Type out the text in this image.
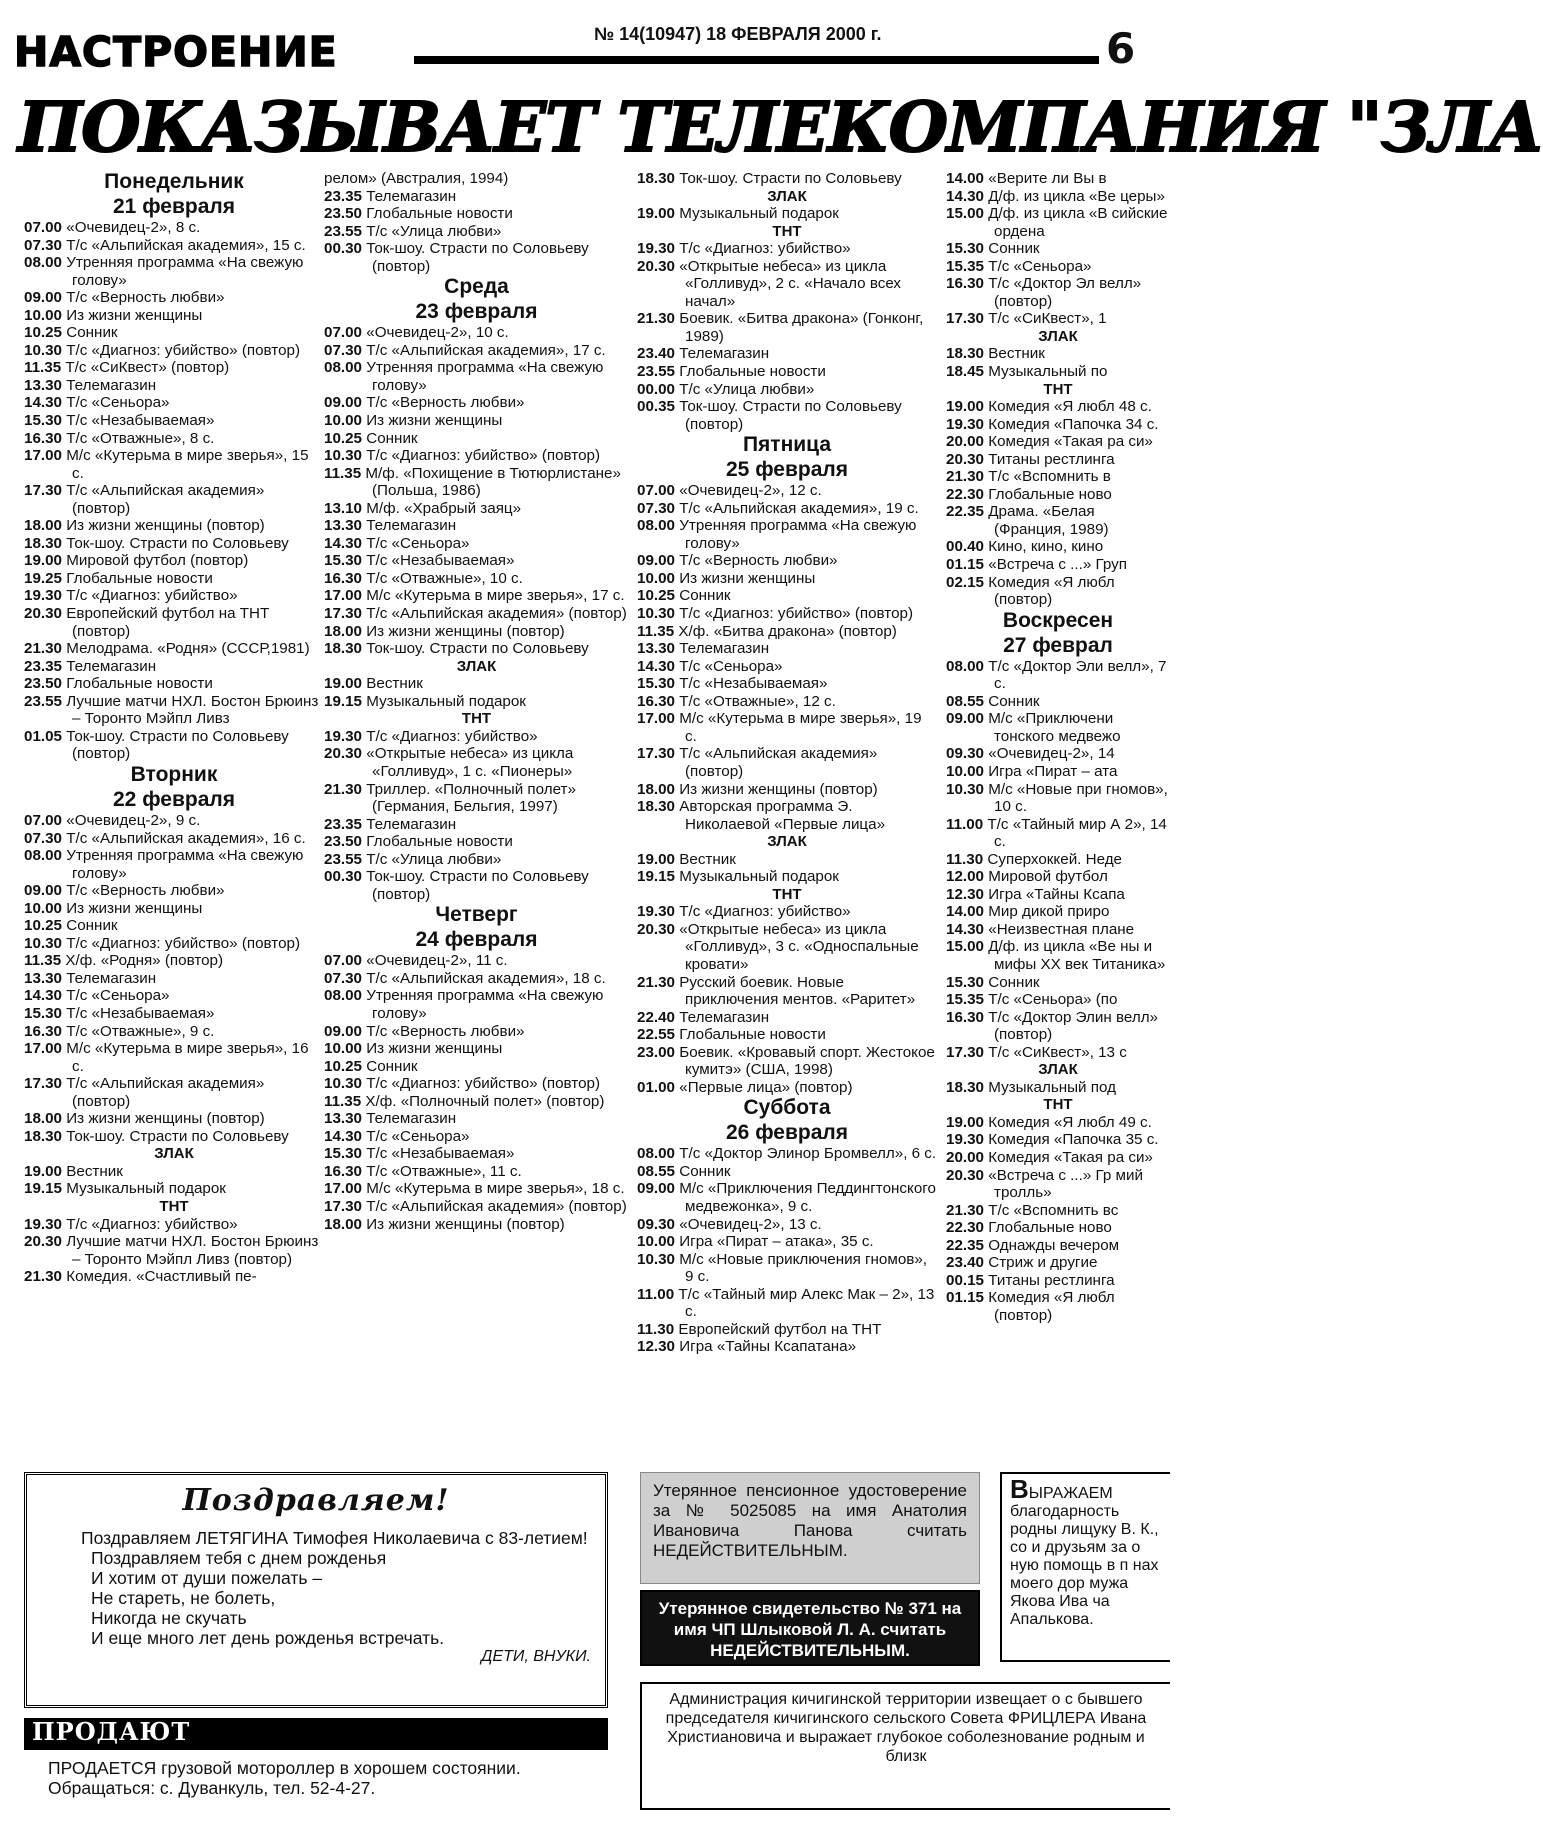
НАСТРОЕНИЕ	№ 14(10947) 18 ФЕВРАЛЯ 2000 г.	6
ПОКАЗЫВАЕТ ТЕЛЕКОМПАНИЯ "ЗЛА
Понедельник
21 февраля
07.00 «Очевидец-2», 8 с.
07.30 Т/с «Альпийская академия», 15 с.
08.00 Утренняя программа «На свежую голову»
09.00 Т/с «Верность любви»
10.00 Из жизни женщины
10.25 Сонник
10.30 Т/с «Диагноз: убийство» (повтор)
11.35 Т/с «СиКвест» (повтор)
13.30 Телемагазин
14.30 Т/с «Сеньора»
15.30 Т/с «Незабываемая»
16.30 Т/с «Отважные», 8 с.
17.00 М/с «Кутерьма в мире зверья», 15 с.
17.30 Т/с «Альпийская академия» (повтор)
18.00 Из жизни женщины (повтор)
18.30 Ток-шоу. Страсти по Соловьеву
19.00 Мировой футбол (повтор)
19.25 Глобальные новости
19.30 Т/с «Диагноз: убийство»
20.30 Европейский футбол на ТНТ (повтор)
21.30 Мелодрама. «Родня» (СССР,1981)
23.35 Телемагазин
23.50 Глобальные новости
23.55 Лучшие матчи НХЛ. Бостон Брюинз – Торонто Мэйпл Ливз
01.05 Ток-шоу. Страсти по Соловьеву (повтор)
Вторник
22 февраля
07.00 «Очевидец-2», 9 с.
07.30 Т/с «Альпийская академия», 16 с.
08.00 Утренняя программа «На свежую голову»
09.00 Т/с «Верность любви»
10.00 Из жизни женщины
10.25 Сонник
10.30 Т/с «Диагноз: убийство» (повтор)
11.35 Х/ф. «Родня» (повтор)
13.30 Телемагазин
14.30 Т/с «Сеньора»
15.30 Т/с «Незабываемая»
16.30 Т/с «Отважные», 9 с.
17.00 М/с «Кутерьма в мире зверья», 16 с.
17.30 Т/с «Альпийская академия» (повтор)
18.00 Из жизни женщины (повтор)
18.30 Ток-шоу. Страсти по Соловьеву
ЗЛАК
19.00 Вестник
19.15 Музыкальный подарок
ТНТ
19.30 Т/с «Диагноз: убийство»
20.30 Лучшие матчи НХЛ. Бостон Брюинз – Торонто Мэйпл Ливз (повтор)
21.30 Комедия. «Счастливый пе-
релом» (Австралия, 1994)
23.35 Телемагазин
23.50 Глобальные новости
23.55 Т/с «Улица любви»
00.30 Ток-шоу. Страсти по Соловьеву (повтор)
Среда
23 февраля
07.00 «Очевидец-2», 10 с.
07.30 Т/с «Альпийская академия», 17 с.
08.00 Утренняя программа «На свежую голову»
09.00 Т/с «Верность любви»
10.00 Из жизни женщины
10.25 Сонник
10.30 Т/с «Диагноз: убийство» (повтор)
11.35 М/ф. «Похищение в Тютюрлистане» (Польша, 1986)
13.10 М/ф. «Храбрый заяц»
13.30 Телемагазин
14.30 Т/с «Сеньора»
15.30 Т/с «Незабываемая»
16.30 Т/с «Отважные», 10 с.
17.00 М/с «Кутерьма в мире зверья», 17 с.
17.30 Т/с «Альпийская академия» (повтор)
18.00 Из жизни женщины (повтор)
18.30 Ток-шоу. Страсти по Соловьеву
ЗЛАК
19.00 Вестник
19.15 Музыкальный подарок
ТНТ
19.30 Т/с «Диагноз: убийство»
20.30 «Открытые небеса» из цикла «Голливуд», 1 с. «Пионеры»
21.30 Триллер. «Полночный полет» (Германия, Бельгия, 1997)
23.35 Телемагазин
23.50 Глобальные новости
23.55 Т/с «Улица любви»
00.30 Ток-шоу. Страсти по Соловьеву (повтор)
Четверг
24 февраля
07.00 «Очевидец-2», 11 с.
07.30 Т/с «Альпийская академия», 18 с.
08.00 Утренняя программа «На свежую голову»
09.00 Т/с «Верность любви»
10.00 Из жизни женщины
10.25 Сонник
10.30 Т/с «Диагноз: убийство» (повтор)
11.35 Х/ф. «Полночный полет» (повтор)
13.30 Телемагазин
14.30 Т/с «Сеньора»
15.30 Т/с «Незабываемая»
16.30 Т/с «Отважные», 11 с.
17.00 М/с «Кутерьма в мире зверья», 18 с.
17.30 Т/с «Альпийская академия» (повтор)
18.00 Из жизни женщины (повтор)
18.30 Ток-шоу. Страсти по Соловьеву
ЗЛАК
19.00 Музыкальный подарок
ТНТ
19.30 Т/с «Диагноз: убийство»
20.30 «Открытые небеса» из цикла «Голливуд», 2 с. «Начало всех начал»
21.30 Боевик. «Битва дракона» (Гонконг, 1989)
23.40 Телемагазин
23.55 Глобальные новости
00.00 Т/с «Улица любви»
00.35 Ток-шоу. Страсти по Соловьеву (повтор)
Пятница
25 февраля
07.00 «Очевидец-2», 12 с.
07.30 Т/с «Альпийская академия», 19 с.
08.00 Утренняя программа «На свежую голову»
09.00 Т/с «Верность любви»
10.00 Из жизни женщины
10.25 Сонник
10.30 Т/с «Диагноз: убийство» (повтор)
11.35 Х/ф. «Битва дракона» (повтор)
13.30 Телемагазин
14.30 Т/с «Сеньора»
15.30 Т/с «Незабываемая»
16.30 Т/с «Отважные», 12 с.
17.00 М/с «Кутерьма в мире зверья», 19 с.
17.30 Т/с «Альпийская академия» (повтор)
18.00 Из жизни женщины (повтор)
18.30 Авторская программа Э. Николаевой «Первые лица»
ЗЛАК
19.00 Вестник
19.15 Музыкальный подарок
ТНТ
19.30 Т/с «Диагноз: убийство»
20.30 «Открытые небеса» из цикла «Голливуд», 3 с. «Односпальные кровати»
21.30 Русский боевик. Новые приключения ментов. «Раритет»
22.40 Телемагазин
22.55 Глобальные новости
23.00 Боевик. «Кровавый спорт. Жестокое кумитэ» (США, 1998)
01.00 «Первые лица» (повтор)
Суббота
26 февраля
08.00 Т/с «Доктор Элинор Бромвелл», 6 с.
08.55 Сонник
09.00 М/с «Приключения Педдингтонского медвежонка», 9 с.
09.30 «Очевидец-2», 13 с.
10.00 Игра «Пират – атака», 35 с.
10.30 М/с «Новые приключения гномов», 9 с.
11.00 Т/с «Тайный мир Алекс Мак – 2», 13 с.
11.30 Европейский футбол на ТНТ
12.30 Игра «Тайны Ксапатана»
14.00 «Верите ли Вы в
14.30 Д/ф. из цикла «Ве церы»
15.00 Д/ф. из цикла «В сийские ордена
15.30 Сонник
15.35 Т/с «Сеньора»
16.30 Т/с «Доктор Эл велл» (повтор)
17.30 Т/с «СиКвест», 1
ЗЛАК
18.30 Вестник
18.45 Музыкальный по
ТНТ
19.00 Комедия «Я любл 48 с.
19.30 Комедия «Папочка 34 с.
20.00 Комедия «Такая ра си»
20.30 Титаны рестлинга
21.30 Т/с «Вспомнить в
22.30 Глобальные ново
22.35 Драма. «Белая (Франция, 1989)
00.40 Кино, кино, кино
01.15 «Встреча с ...» Груп
02.15 Комедия «Я любл (повтор)
Воскресен
27 феврал
08.00 Т/с «Доктор Эли велл», 7 с.
08.55 Сонник
09.00 М/с «Приключени тонского медвежо
09.30 «Очевидец-2», 14
10.00 Игра «Пират – ата
10.30 М/с «Новые при гномов», 10 с.
11.00 Т/с «Тайный мир А 2», 14 с.
11.30 Суперхоккей. Неде
12.00 Мировой футбол
12.30 Игра «Тайны Ксапа
14.00 Мир дикой приро
14.30 «Неизвестная плане
15.00 Д/ф. из цикла «Ве ны и мифы XX век Титаника»
15.30 Сонник
15.35 Т/с «Сеньора» (по
16.30 Т/с «Доктор Элин велл» (повтор)
17.30 Т/с «СиКвест», 13 с
ЗЛАК
18.30 Музыкальный под
ТНТ
19.00 Комедия «Я любл 49 с.
19.30 Комедия «Папочка 35 с.
20.00 Комедия «Такая ра си»
20.30 «Встреча с ...» Гр мий тролль»
21.30 Т/с «Вспомнить вс
22.30 Глобальные ново
22.35 Однажды вечером
23.40 Стриж и другие
00.15 Титаны рестлинга
01.15 Комедия «Я любл (повтор)
Поздравляем!

Поздравляем ЛЕТЯГИНА Тимофея Николаевича с 83-летием!

Поздравляем тебя с днем рожденья

И хотим от души пожелать –

Не стареть, не болеть,

Никогда не скучать

И еще много лет день рожденья встречать.

ДЕТИ, ВНУКИ.
Утерянное пенсионное удостоверение за № 5025085 на имя Анатолия Ивановича Панова считать НЕДЕЙСТВИТЕЛЬНЫМ.
Утерянное свидетельство № 371 на имя ЧП Шлыковой Л. А. считать НЕДЕЙСТВИТЕЛЬНЫМ.
ВЫРАЖАЕМ благодарность родны лищуку В. К., со и друзьям за о ную помощь в п нах моего дор мужа Якова Ива ча Апалькова.
Администрация кичигинской территории извещает о с бывшего председателя кичигинского сельского Совета ФРИЦЛЕРА Ивана Христиановича и выражает глубокое соболезнование родным и близк
ПРОДАЮТ
ПРОДАЕТСЯ грузовой мотороллер в хорошем состоянии. Обращаться: с. Дуванкуль, тел. 52-4-27.
